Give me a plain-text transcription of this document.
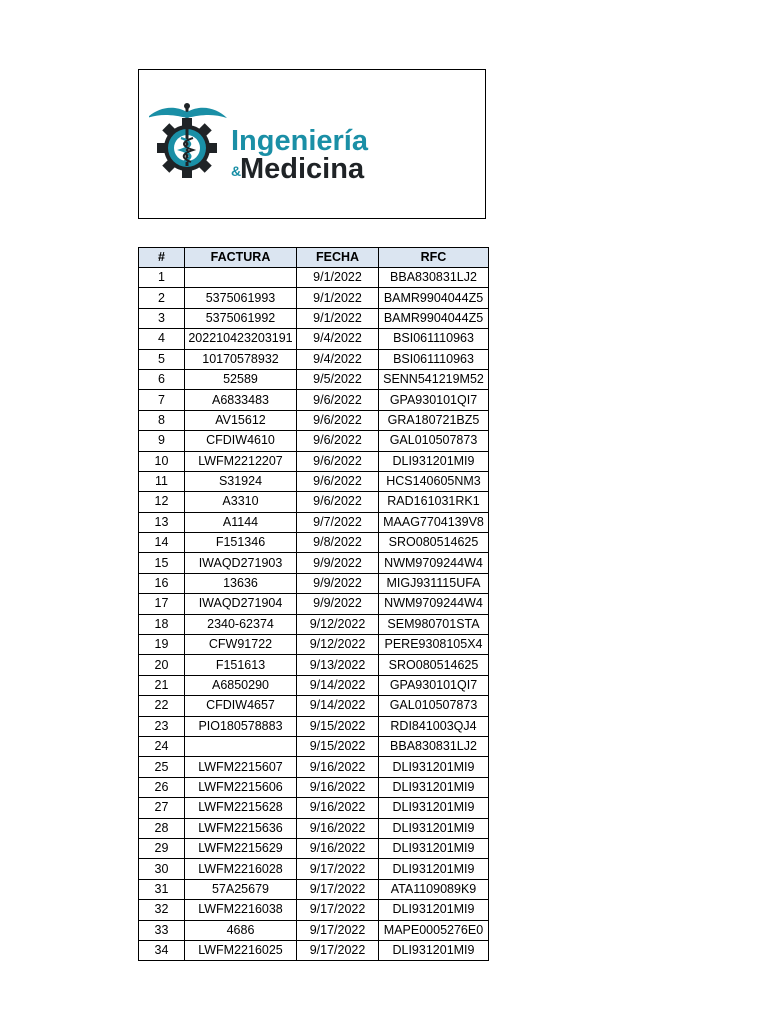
Ingeniería
&
Medicina
#	FACTURA	FECHA	RFC
1		9/1/2022	BBA830831LJ2
2	5375061993	9/1/2022	BAMR9904044Z5
3	5375061992	9/1/2022	BAMR9904044Z5
4	202210423203191	9/4/2022	BSI061110963
5	10170578932	9/4/2022	BSI061110963
6	52589	9/5/2022	SENN541219M52
7	A6833483	9/6/2022	GPA930101QI7
8	AV15612	9/6/2022	GRA180721BZ5
9	CFDIW4610	9/6/2022	GAL010507873
10	LWFM2212207	9/6/2022	DLI931201MI9
11	S31924	9/6/2022	HCS140605NM3
12	A3310	9/6/2022	RAD161031RK1
13	A1144	9/7/2022	MAAG7704139V8
14	F151346	9/8/2022	SRO080514625
15	IWAQD271903	9/9/2022	NWM9709244W4
16	13636	9/9/2022	MIGJ931115UFA
17	IWAQD271904	9/9/2022	NWM9709244W4
18	2340-62374	9/12/2022	SEM980701STA
19	CFW91722	9/12/2022	PERE9308105X4
20	F151613	9/13/2022	SRO080514625
21	A6850290	9/14/2022	GPA930101QI7
22	CFDIW4657	9/14/2022	GAL010507873
23	PIO180578883	9/15/2022	RDI841003QJ4
24		9/15/2022	BBA830831LJ2
25	LWFM2215607	9/16/2022	DLI931201MI9
26	LWFM2215606	9/16/2022	DLI931201MI9
27	LWFM2215628	9/16/2022	DLI931201MI9
28	LWFM2215636	9/16/2022	DLI931201MI9
29	LWFM2215629	9/16/2022	DLI931201MI9
30	LWFM2216028	9/17/2022	DLI931201MI9
31	57A25679	9/17/2022	ATA1109089K9
32	LWFM2216038	9/17/2022	DLI931201MI9
33	4686	9/17/2022	MAPE0005276E0
34	LWFM2216025	9/17/2022	DLI931201MI9
